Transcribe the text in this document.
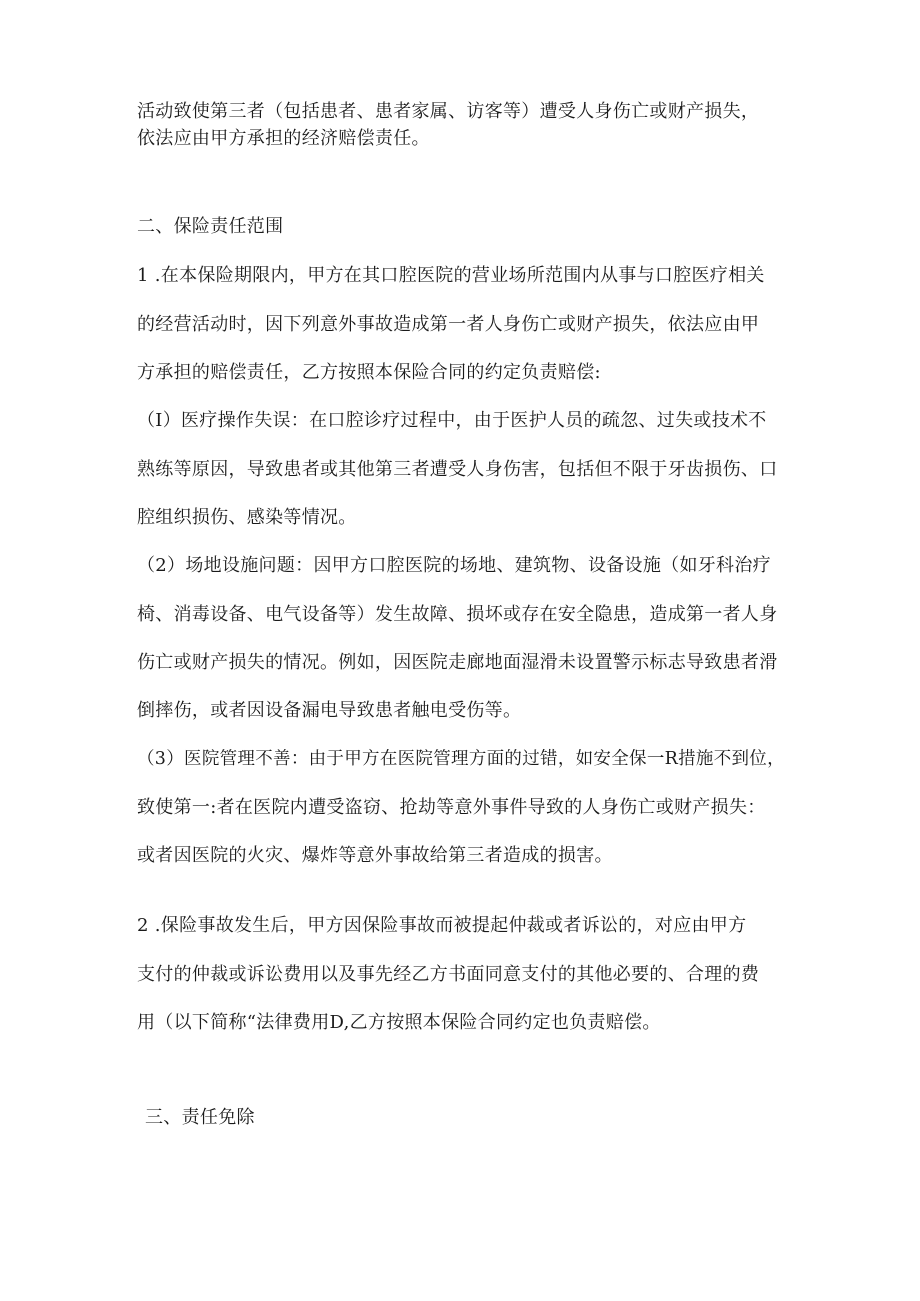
活动致使第三者（包括患者、患者家属、访客等）遭受人身伤亡或财产损失，
依法应由甲方承担的经济赔偿责任。
二、保险责任范围
1 .在本保险期限内，甲方在其口腔医院的营业场所范围内从事与口腔医疗相关
的经营活动时，因下列意外事故造成第一者人身伤亡或财产损失，依法应由甲
方承担的赔偿责任，乙方按照本保险合同的约定负责赔偿:
（I）医疗操作失误：在口腔诊疗过程中，由于医护人员的疏忽、过失或技术不
熟练等原因，导致患者或其他第三者遭受人身伤害，包括但不限于牙齿损伤、口
腔组织损伤、感染等情况。
（2）场地设施问题：因甲方口腔医院的场地、建筑物、设备设施（如牙科治疗
椅、消毒设备、电气设备等）发生故障、损坏或存在安全隐患，造成第一者人身
伤亡或财产损失的情况。例如，因医院走廊地面湿滑未设置警示标志导致患者滑
倒摔伤，或者因设备漏电导致患者触电受伤等。
（3）医院管理不善：由于甲方在医院管理方面的过错，如安全保一R措施不到位，
致使第一:者在医院内遭受盗窃、抢劫等意外事件导致的人身伤亡或财产损失：
或者因医院的火灾、爆炸等意外事故给第三者造成的损害。
2 .保险事故发生后，甲方因保险事故而被提起仲裁或者诉讼的，对应由甲方
支付的仲裁或诉讼费用以及事先经乙方书面同意支付的其他必要的、合理的费
用（以下简称“法律费用D,乙方按照本保险合同约定也负责赔偿。
三、责任免除
